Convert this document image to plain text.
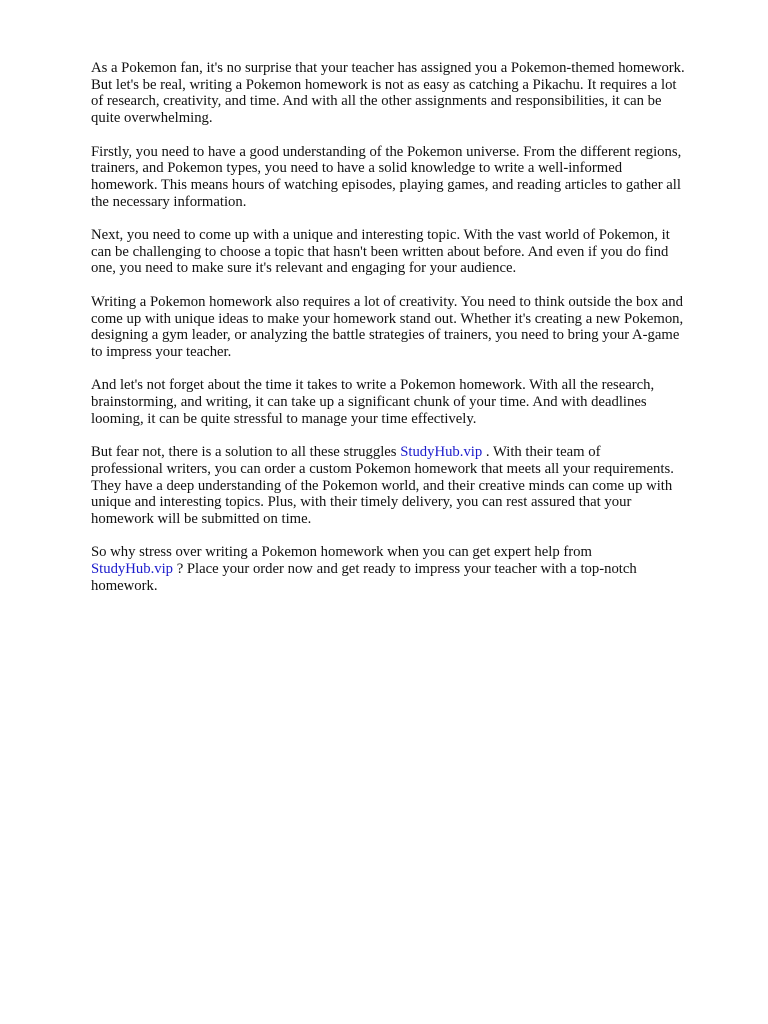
As a Pokemon fan, it's no surprise that your teacher has assigned you a Pokemon-themed homework.
But let's be real, writing a Pokemon homework is not as easy as catching a Pikachu. It requires a lot
of research, creativity, and time. And with all the other assignments and responsibilities, it can be
quite overwhelming.

Firstly, you need to have a good understanding of the Pokemon universe. From the different regions,
trainers, and Pokemon types, you need to have a solid knowledge to write a well-informed
homework. This means hours of watching episodes, playing games, and reading articles to gather all
the necessary information.

Next, you need to come up with a unique and interesting topic. With the vast world of Pokemon, it
can be challenging to choose a topic that hasn't been written about before. And even if you do find
one, you need to make sure it's relevant and engaging for your audience.

Writing a Pokemon homework also requires a lot of creativity. You need to think outside the box and
come up with unique ideas to make your homework stand out. Whether it's creating a new Pokemon,
designing a gym leader, or analyzing the battle strategies of trainers, you need to bring your A-game
to impress your teacher.

And let's not forget about the time it takes to write a Pokemon homework. With all the research,
brainstorming, and writing, it can take up a significant chunk of your time. And with deadlines
looming, it can be quite stressful to manage your time effectively.

But fear not, there is a solution to all these struggles StudyHub.vip . With their team of
professional writers, you can order a custom Pokemon homework that meets all your requirements.
They have a deep understanding of the Pokemon world, and their creative minds can come up with
unique and interesting topics. Plus, with their timely delivery, you can rest assured that your
homework will be submitted on time.

So why stress over writing a Pokemon homework when you can get expert help from
StudyHub.vip ? Place your order now and get ready to impress your teacher with a top-notch
homework.
